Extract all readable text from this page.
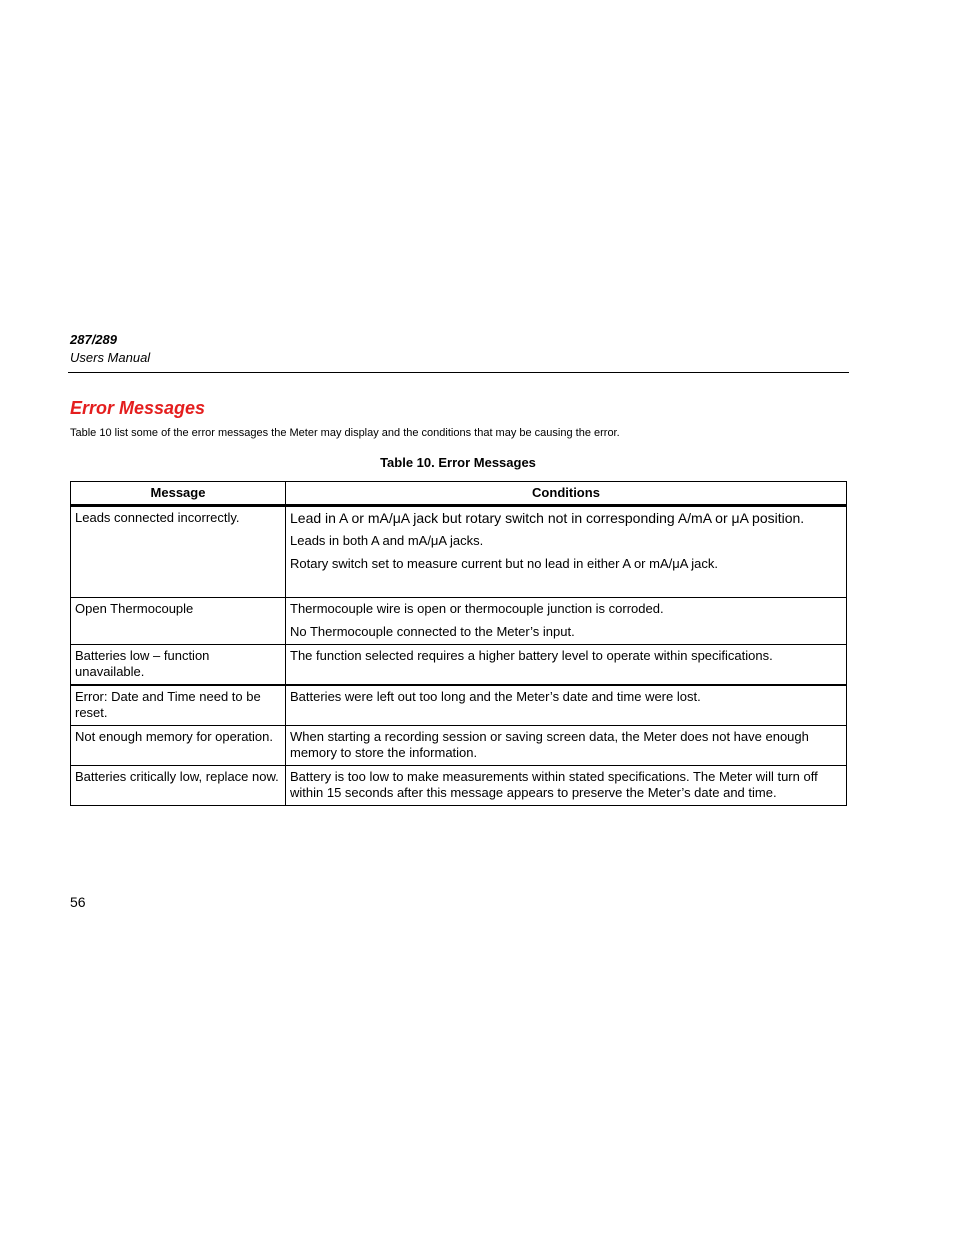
287/289
Users Manual
Error Messages
Table 10 list some of the error messages the Meter may display and the conditions that may be causing the error.
Table 10. Error Messages
Message	Conditions
Leads connected incorrectly.	Lead in A or mA/μA jack but rotary switch not in corresponding A/mA or μA position.

Leads in both A and mA/μA jacks.

Rotary switch set to measure current but no lead in either A or mA/μA jack.

Open Thermocouple	Thermocouple wire is open or thermocouple junction is corroded.

No Thermocouple connected to the Meter’s input.

Batteries low – function unavailable.	The function selected requires a higher battery level to operate within specifications.

Error: Date and Time need to be reset.	Batteries were left out too long and the Meter’s date and time were lost.

Not enough memory for operation.	When starting a recording session or saving screen data, the Meter does not have enough memory to store the information.

Batteries critically low, replace now.	Battery is too low to make measurements within stated specifications. The Meter will turn off within 15 seconds after this message appears to preserve the Meter’s date and time.

56
